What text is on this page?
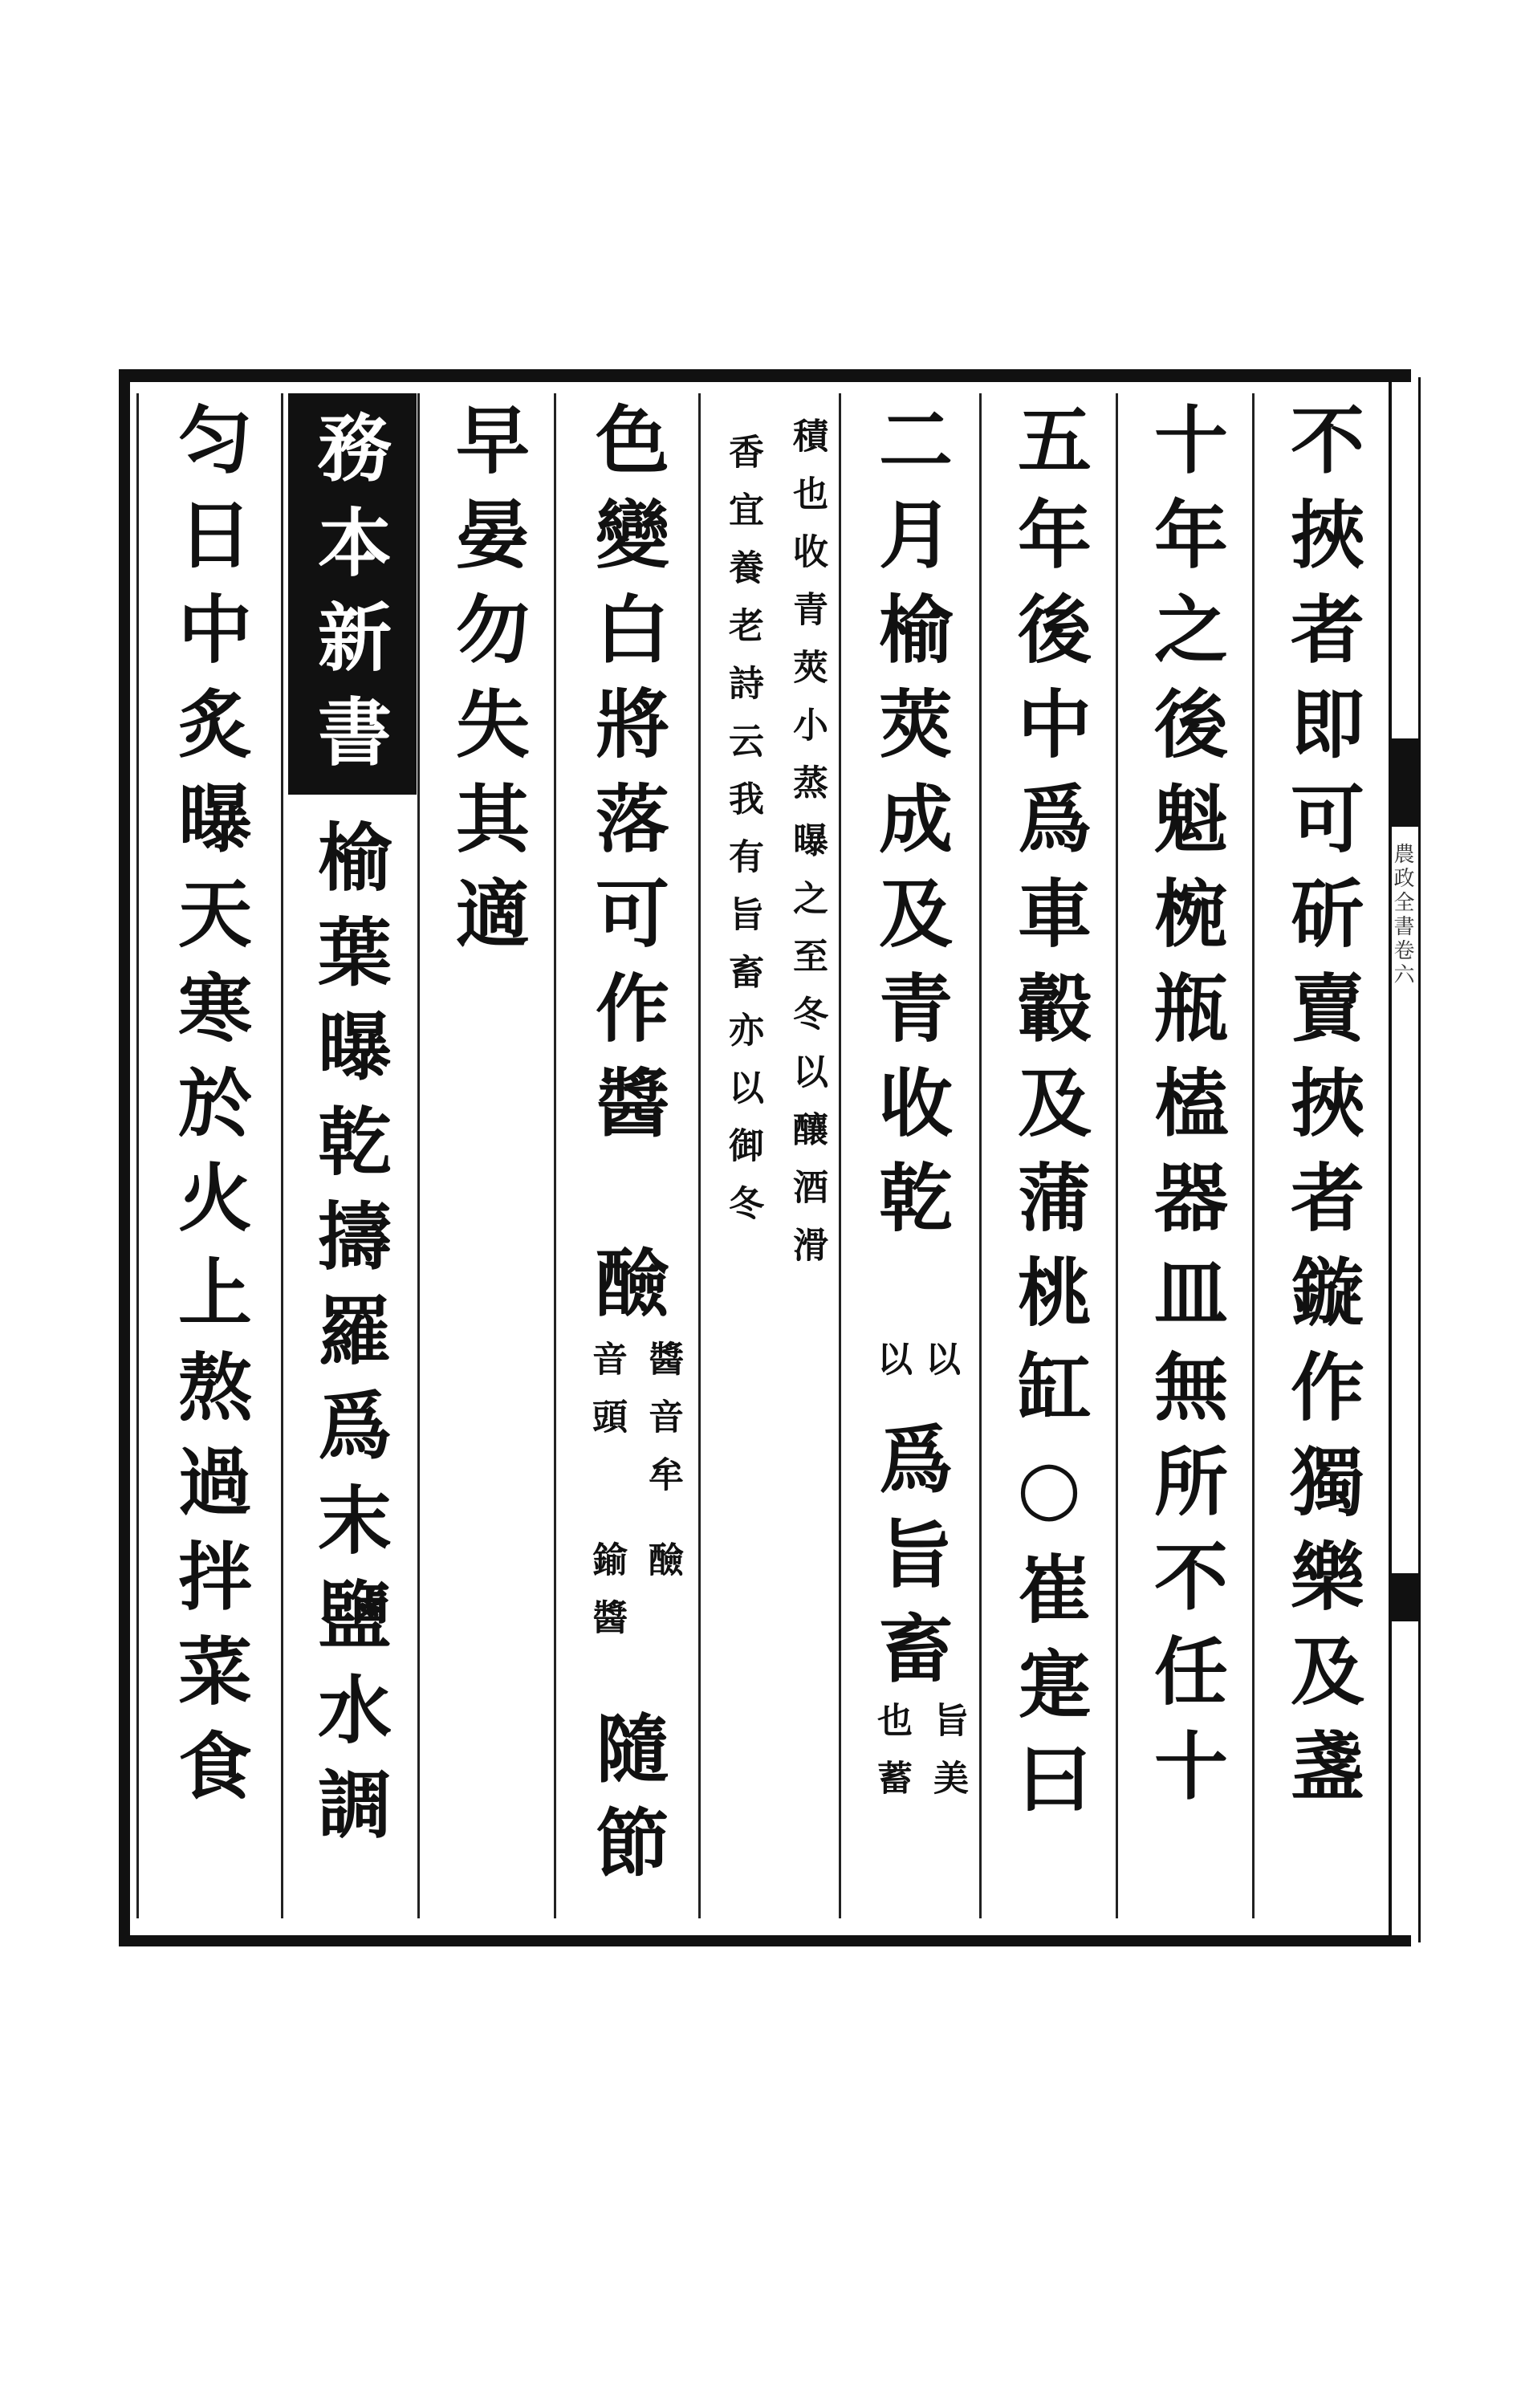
農政全書卷六
不挾者即可斫賣挾者鏇作獨樂及盞
十年之後魁椀瓶榼器皿無所不任十
五年後中爲車轂及蒲桃缸○崔寔曰
二月榆莢成及青收乾
以
以
爲旨畜
旨美
也蓄
積也收青莢小蒸曝之至冬以釀酒滑
香宜養老詩云我有旨畜亦以御冬
色變白將落可作醬
醶
醬音牟
音頭
醶
鍮醬
隨節
早晏勿失其適
務本新書
榆葉曝乾擣羅爲末鹽水調
匀日中炙曝天寒於火上熬過拌菜食
